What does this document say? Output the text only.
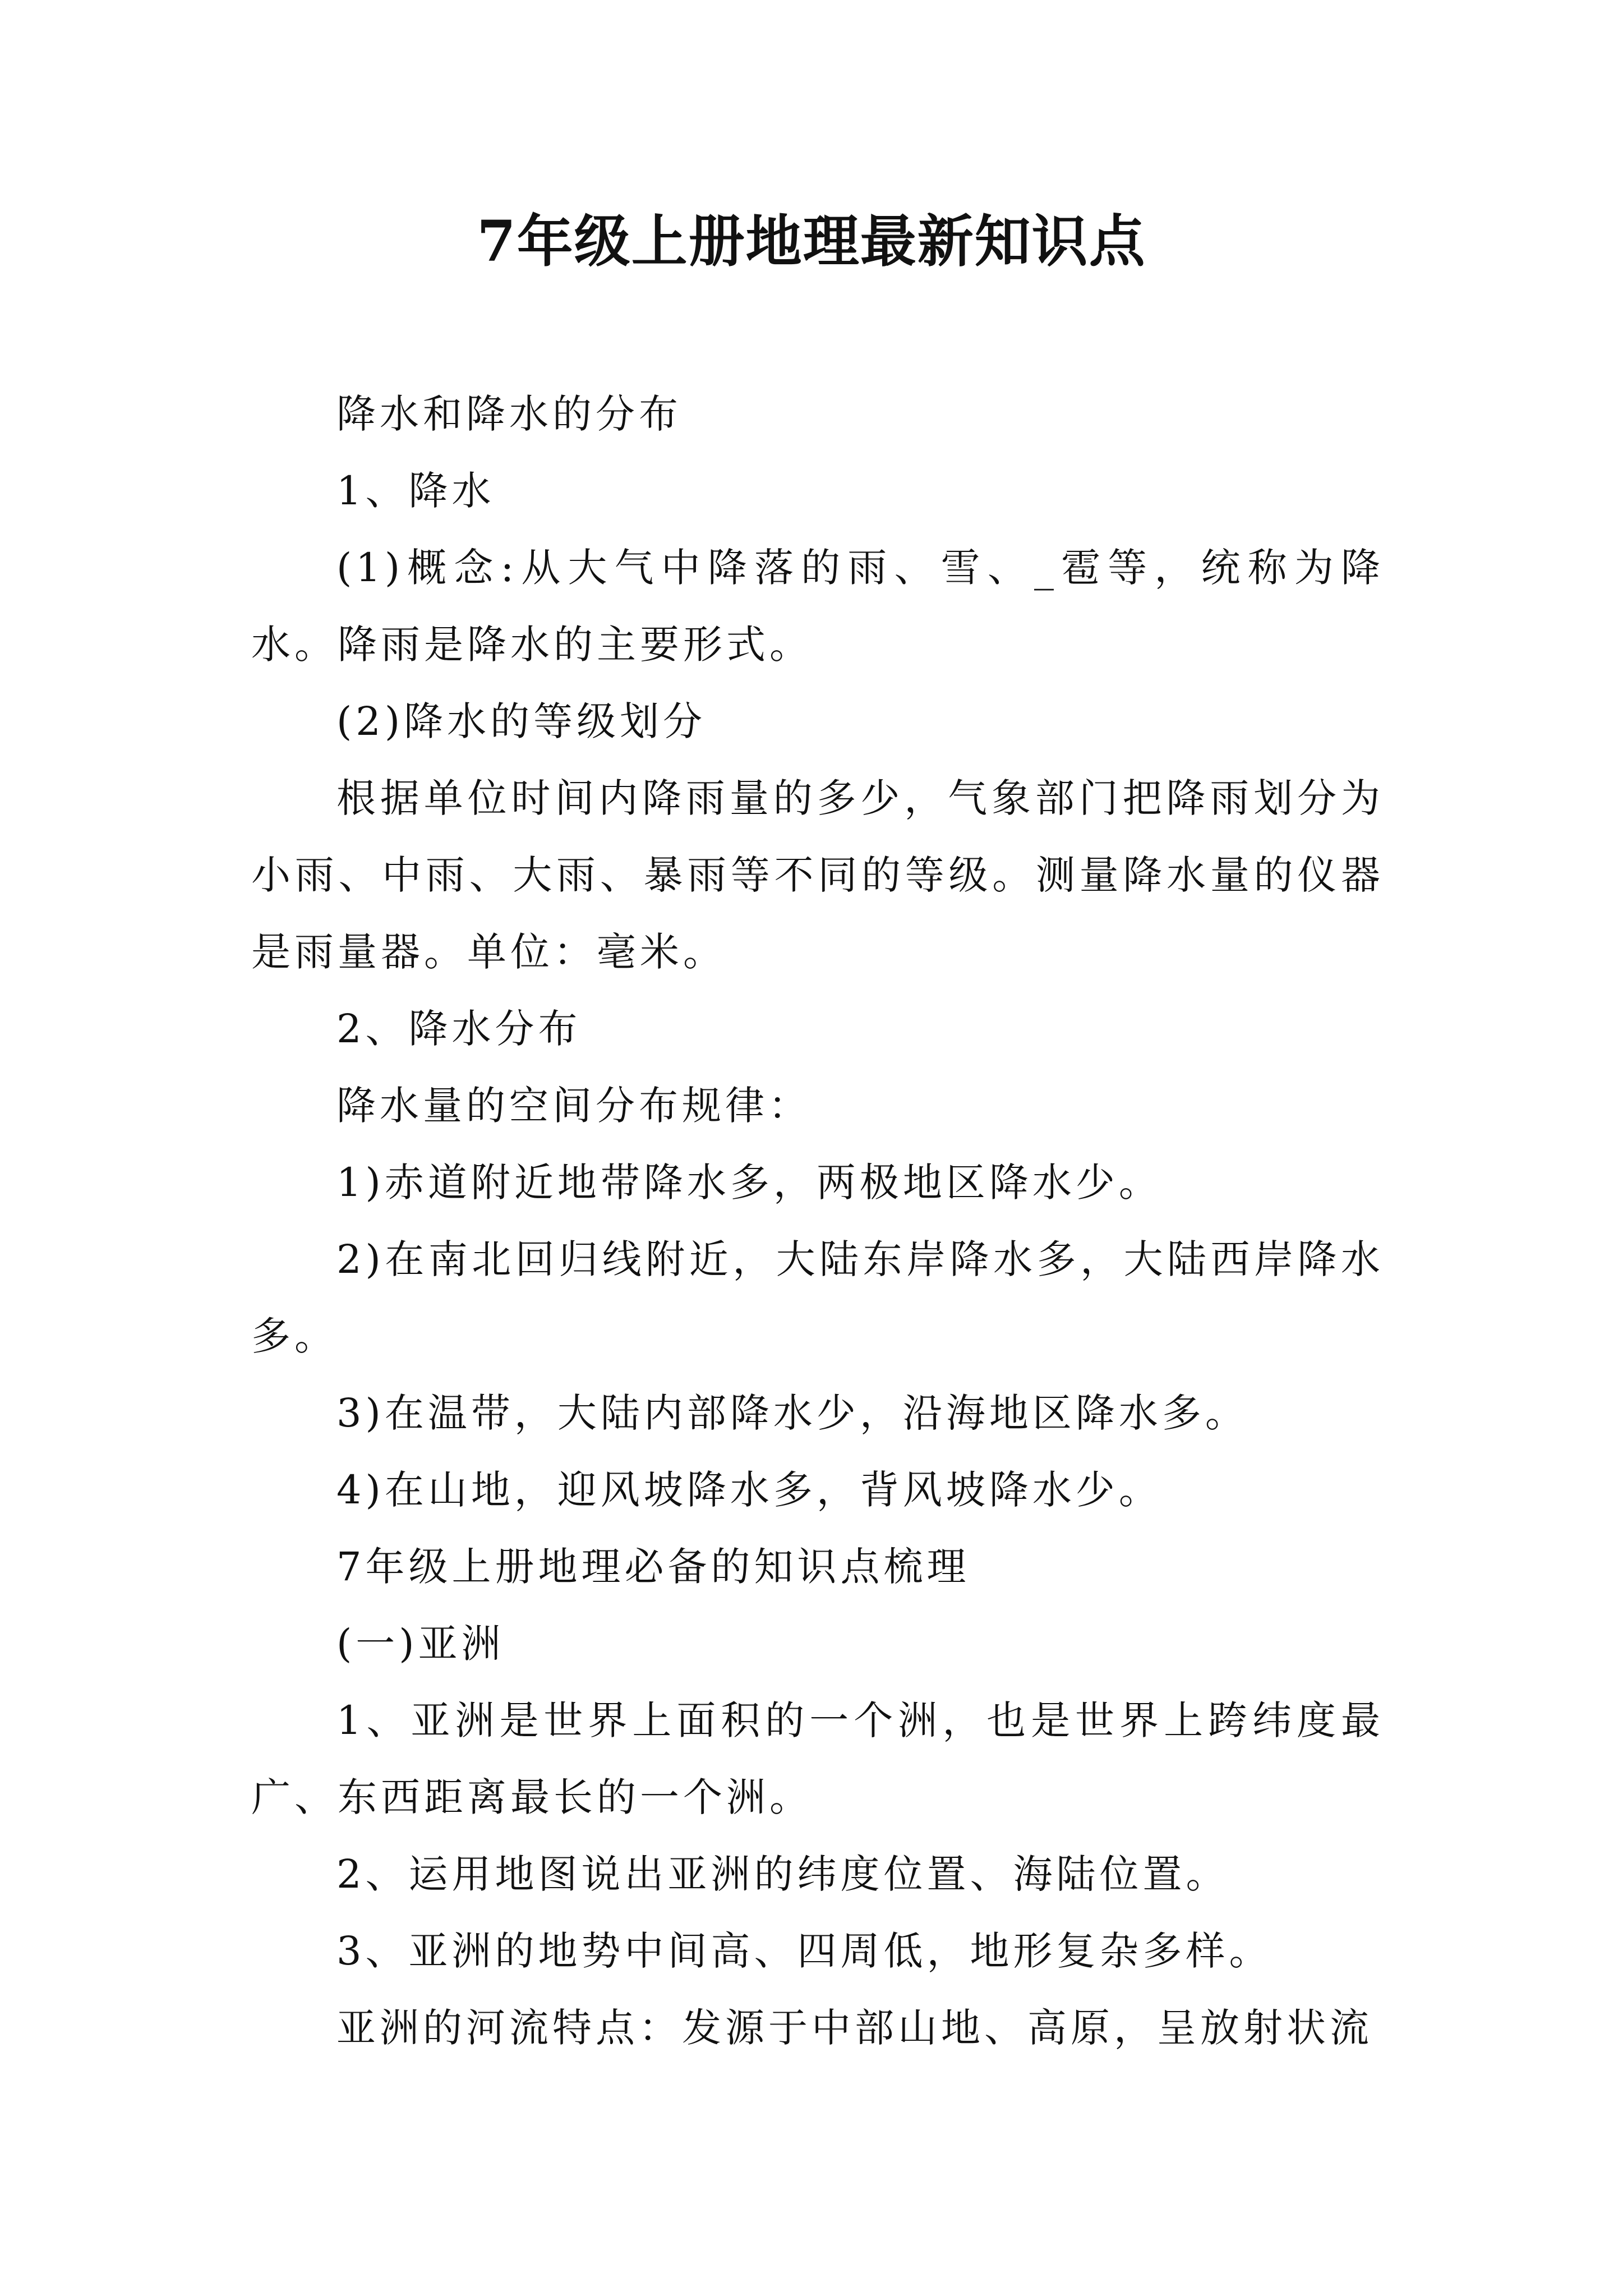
7年级上册地理最新知识点

降水和降水的分布

1、降水

(1)概念:从大气中降落的雨、雪、_雹等，统称为降水。降雨是降水的主要形式。

(2)降水的等级划分

根据单位时间内降雨量的多少，气象部门把降雨划分为小雨、中雨、大雨、暴雨等不同的等级。测量降水量的仪器是雨量器。单位：毫米。

2、降水分布

降水量的空间分布规律：

1)赤道附近地带降水多，两极地区降水少。

2)在南北回归线附近，大陆东岸降水多，大陆西岸降水多。

3)在温带，大陆内部降水少，沿海地区降水多。

4)在山地，迎风坡降水多，背风坡降水少。

7年级上册地理必备的知识点梳理

(一)亚洲

1、亚洲是世界上面积的一个洲，也是世界上跨纬度最广、东西距离最长的一个洲。

2、运用地图说出亚洲的纬度位置、海陆位置。

3、亚洲的地势中间高、四周低，地形复杂多样。

亚洲的河流特点：发源于中部山地、高原，呈放射状流
